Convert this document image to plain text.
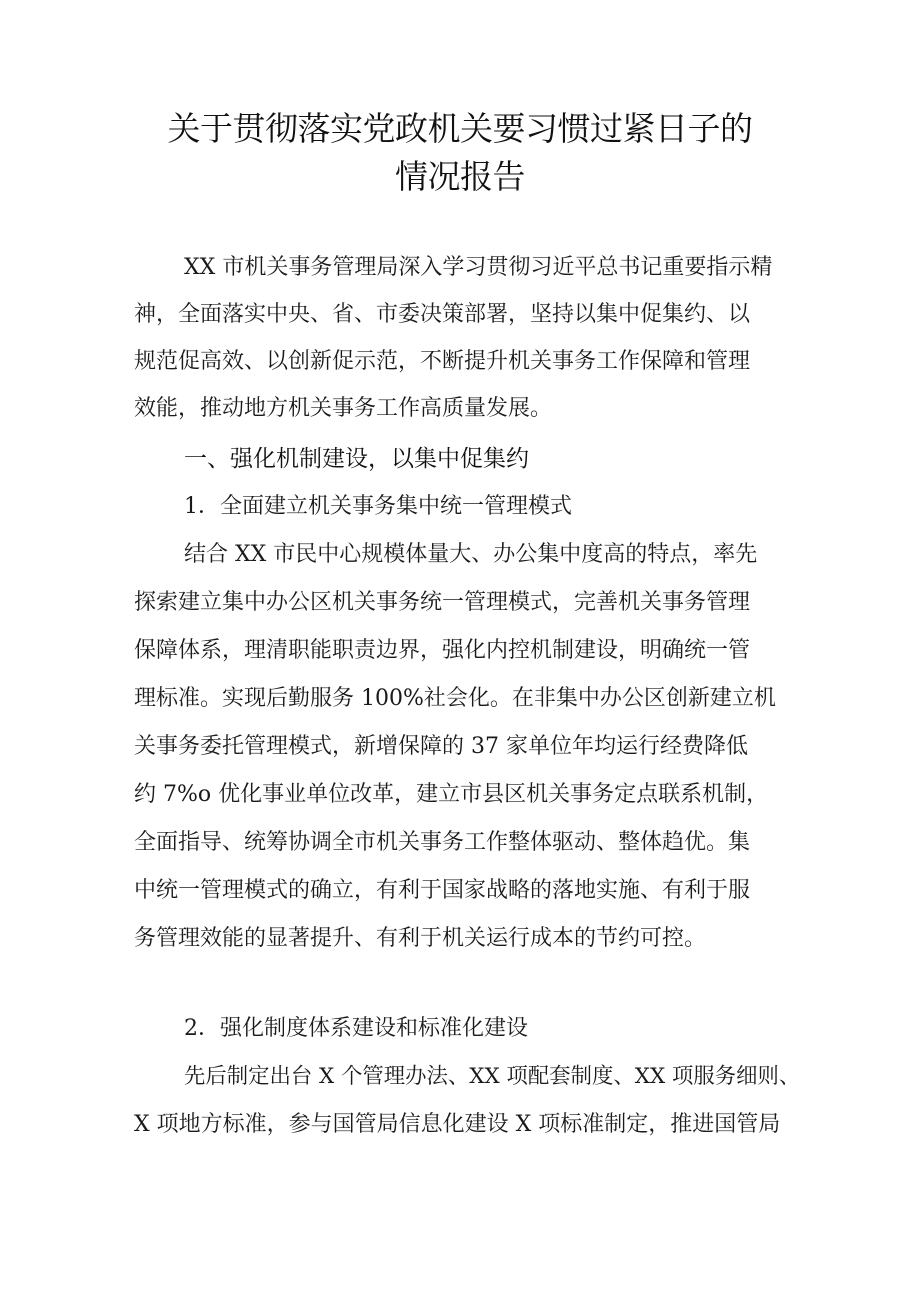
关于贯彻落实党政机关要习惯过紧日子的
情况报告
XX 市机关事务管理局深入学习贯彻习近平总书记重要指示精
神，全面落实中央、省、市委决策部署，坚持以集中促集约、以
规范促高效、以创新促示范，不断提升机关事务工作保障和管理
效能，推动地方机关事务工作高质量发展。
一、强化机制建设，以集中促集约
1．全面建立机关事务集中统一管理模式
结合 XX 市民中心规模体量大、办公集中度高的特点，率先
探索建立集中办公区机关事务统一管理模式，完善机关事务管理
保障体系，理清职能职责边界，强化内控机制建设，明确统一管
理标准。实现后勤服务 100%社会化。在非集中办公区创新建立机
关事务委托管理模式，新增保障的 37 家单位年均运行经费降低
约 7%o 优化事业单位改革，建立市县区机关事务定点联系机制，
全面指导、统筹协调全市机关事务工作整体驱动、整体趋优。集
中统一管理模式的确立，有利于国家战略的落地实施、有利于服
务管理效能的显著提升、有利于机关运行成本的节约可控。
2．强化制度体系建设和标准化建设
先后制定出台 X 个管理办法、XX 项配套制度、XX 项服务细则、
X 项地方标准，参与国管局信息化建设 X 项标准制定，推进国管局
